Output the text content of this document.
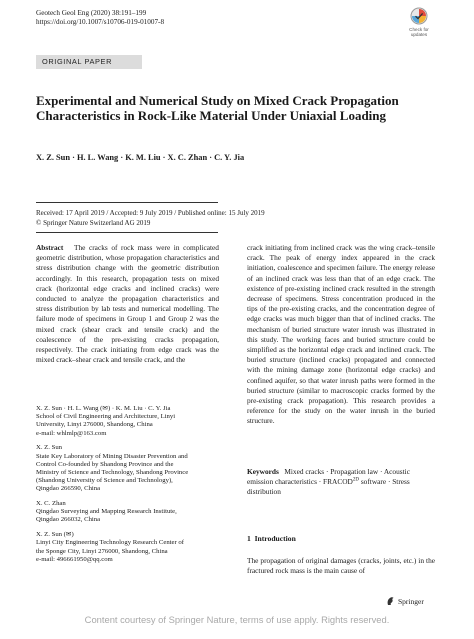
Geotech Geol Eng (2020) 38:191–199
https://doi.org/10.1007/s10706-019-01007-8
Check for
updates
ORIGINAL PAPER
Experimental and Numerical Study on Mixed Crack Propagation Characteristics in Rock-Like Material Under Uniaxial Loading
X. Z. Sun · H. L. Wang · K. M. Liu · X. C. Zhan · C. Y. Jia
Received: 17 April 2019 / Accepted: 9 July 2019 / Published online: 15 July 2019
© Springer Nature Switzerland AG 2019
Abstract The cracks of rock mass were in complicated geometric distribution, whose propagation characteristics and stress distribution change with the geometric distribution accordingly. In this research, propagation tests on mixed crack (horizontal edge cracks and inclined cracks) were conducted to analyze the propagation characteristics and stress distribution by lab tests and numerical modelling. The failure mode of specimens in Group 1 and Group 2 was the mixed crack (shear crack and tensile crack) and the coalescence of the pre-existing cracks propagation, respectively. The crack initiating from edge crack was the mixed crack–shear crack and tensile crack, and the
X. Z. Sun · H. L. Wang (✉) · K. M. Liu · C. Y. Jia
School of Civil Engineering and Architecture, Linyi
University, Linyi 276000, Shandong, China
e-mail: whlmlp@163.com
X. Z. Sun
State Key Laboratory of Mining Disaster Prevention and
Control Co-founded by Shandong Province and the
Ministry of Science and Technology, Shandong Province
(Shandong University of Science and Technology),
Qingdao 266590, China
X. C. Zhan
Qingdao Surveying and Mapping Research Institute,
Qingdao 266032, China
X. Z. Sun (✉)
Linyi City Engineering Technology Research Center of
the Sponge City, Linyi 276000, Shandong, China
e-mail: 496661950@qq.com
crack initiating from inclined crack was the wing crack–tensile crack. The peak of energy index appeared in the crack initiation, coalescence and specimen failure. The energy release of an inclined crack was less than that of an edge crack. The existence of pre-existing inclined crack resulted in the strength decrease of specimens. Stress concentration produced in the tips of the pre-existing cracks, and the concentration degree of edge cracks was much bigger than that of inclined cracks. The mechanism of buried structure water inrush was illustrated in this study. The working faces and buried structure could be simplified as the horizontal edge crack and inclined crack. The buried structure (inclined cracks) propagated and connected with the mining damage zone (horizontal edge cracks) and confined aquifer, so that water inrush paths were formed in the buried structure (similar to macroscopic cracks formed by the pre-existing crack propagation). This research provides a reference for the study on the water inrush in the buried structure.
Keywords Mixed cracks · Propagation law · Acoustic emission characteristics · $FRACOD^{2D}$ software · Stress distribution
1 Introduction
The propagation of original damages (cracks, joints, etc.) in the fractured rock mass is the main cause of
Springer
Content courtesy of Springer Nature, terms of use apply. Rights reserved.
